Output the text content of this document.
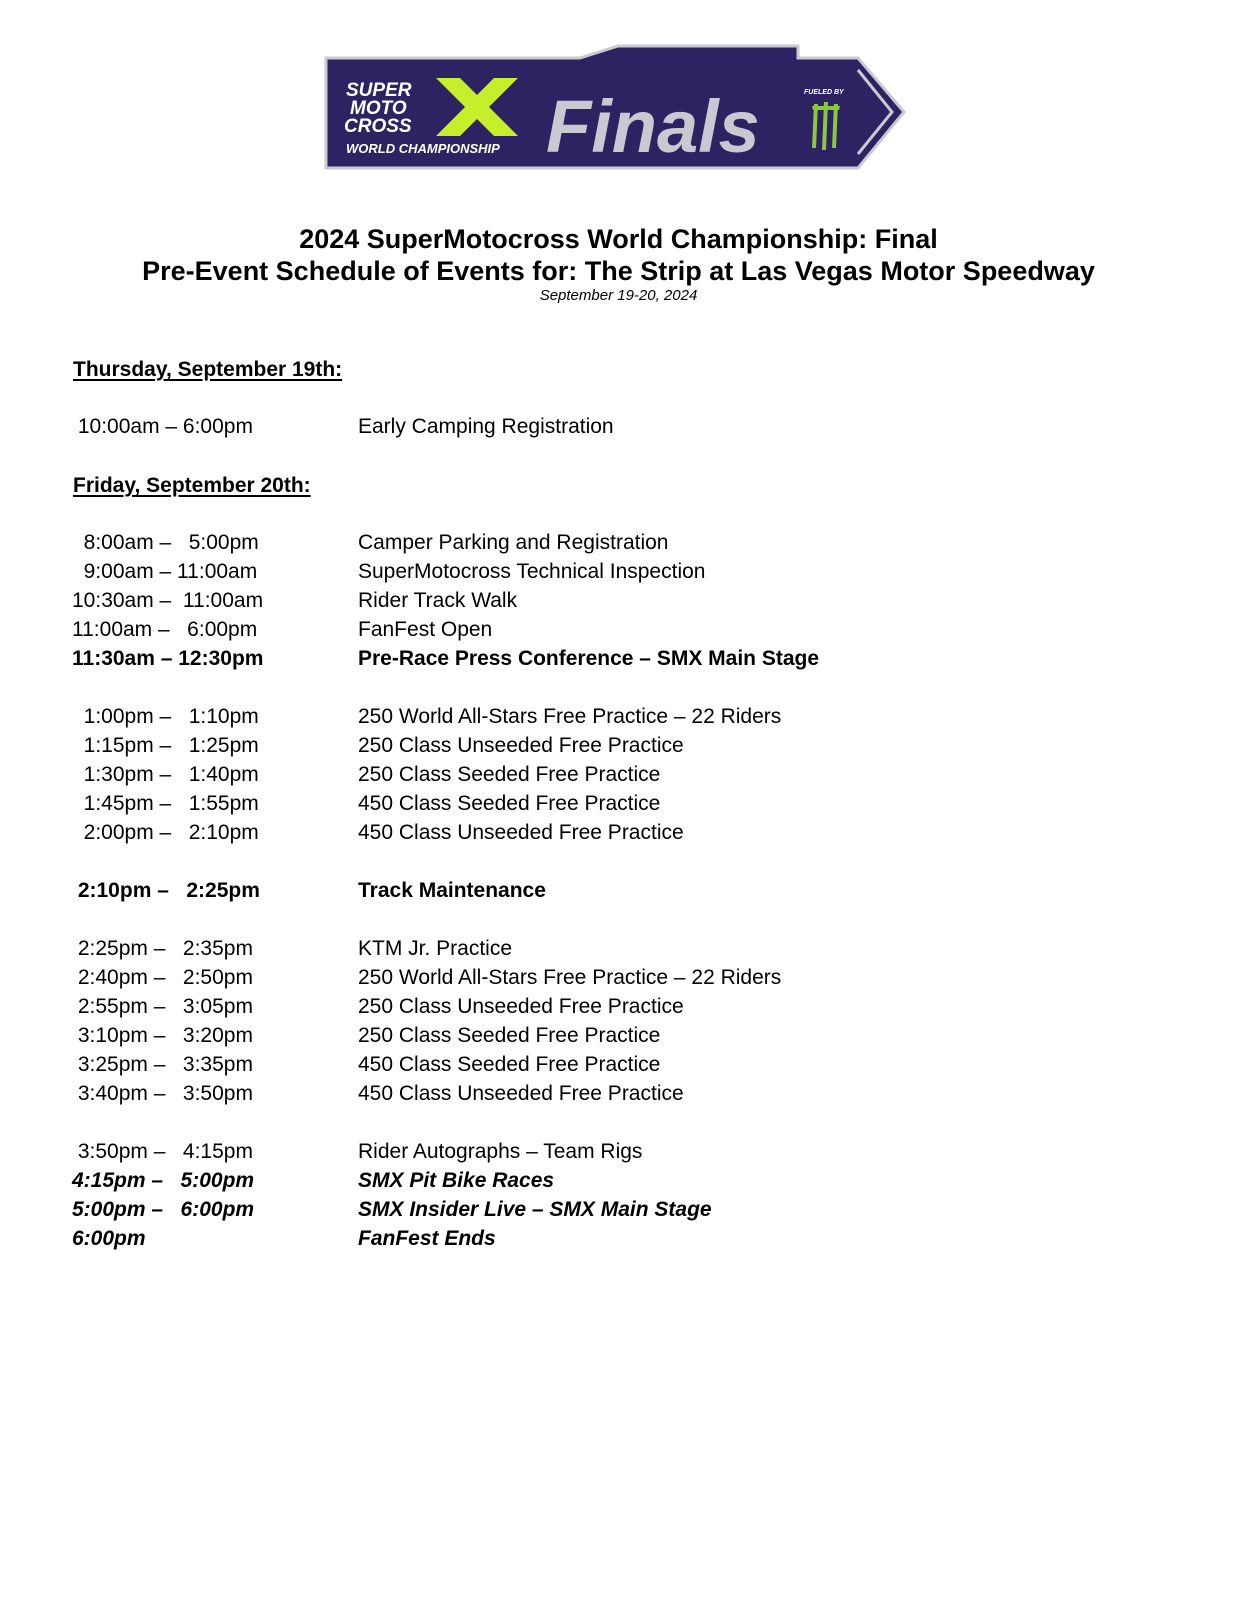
SUPER
MOTO
CROSS
WORLD CHAMPIONSHIP Finals	FUELED BY
2024 SuperMotocross World Championship: Final
Pre-Event Schedule of Events for: The Strip at Las Vegas Motor Speedway
September 19-20, 2024
Thursday, September 19th:
10:00am – 6:00pm	Early Camping Registration
Friday, September 20th:
8:00am –   5:00pm	Camper Parking and Registration
9:00am – 11:00am	SuperMotocross Technical Inspection
10:30am –  11:00am	Rider Track Walk
11:00am –   6:00pm	FanFest Open
11:30am – 12:30pm	Pre-Race Press Conference – SMX Main Stage
1:00pm –   1:10pm	250 World All-Stars Free Practice – 22 Riders
1:15pm –   1:25pm	250 Class Unseeded Free Practice
1:30pm –   1:40pm	250 Class Seeded Free Practice
1:45pm –   1:55pm	450 Class Seeded Free Practice
2:00pm –   2:10pm	450 Class Unseeded Free Practice
2:10pm –   2:25pm	Track Maintenance
2:25pm –   2:35pm	KTM Jr. Practice
2:40pm –   2:50pm	250 World All-Stars Free Practice – 22 Riders
2:55pm –   3:05pm	250 Class Unseeded Free Practice
3:10pm –   3:20pm	250 Class Seeded Free Practice
3:25pm –   3:35pm	450 Class Seeded Free Practice
3:40pm –   3:50pm	450 Class Unseeded Free Practice
3:50pm –   4:15pm	Rider Autographs – Team Rigs
4:15pm –   5:00pm	SMX Pit Bike Races
5:00pm –   6:00pm	SMX Insider Live – SMX Main Stage
6:00pm	FanFest Ends
